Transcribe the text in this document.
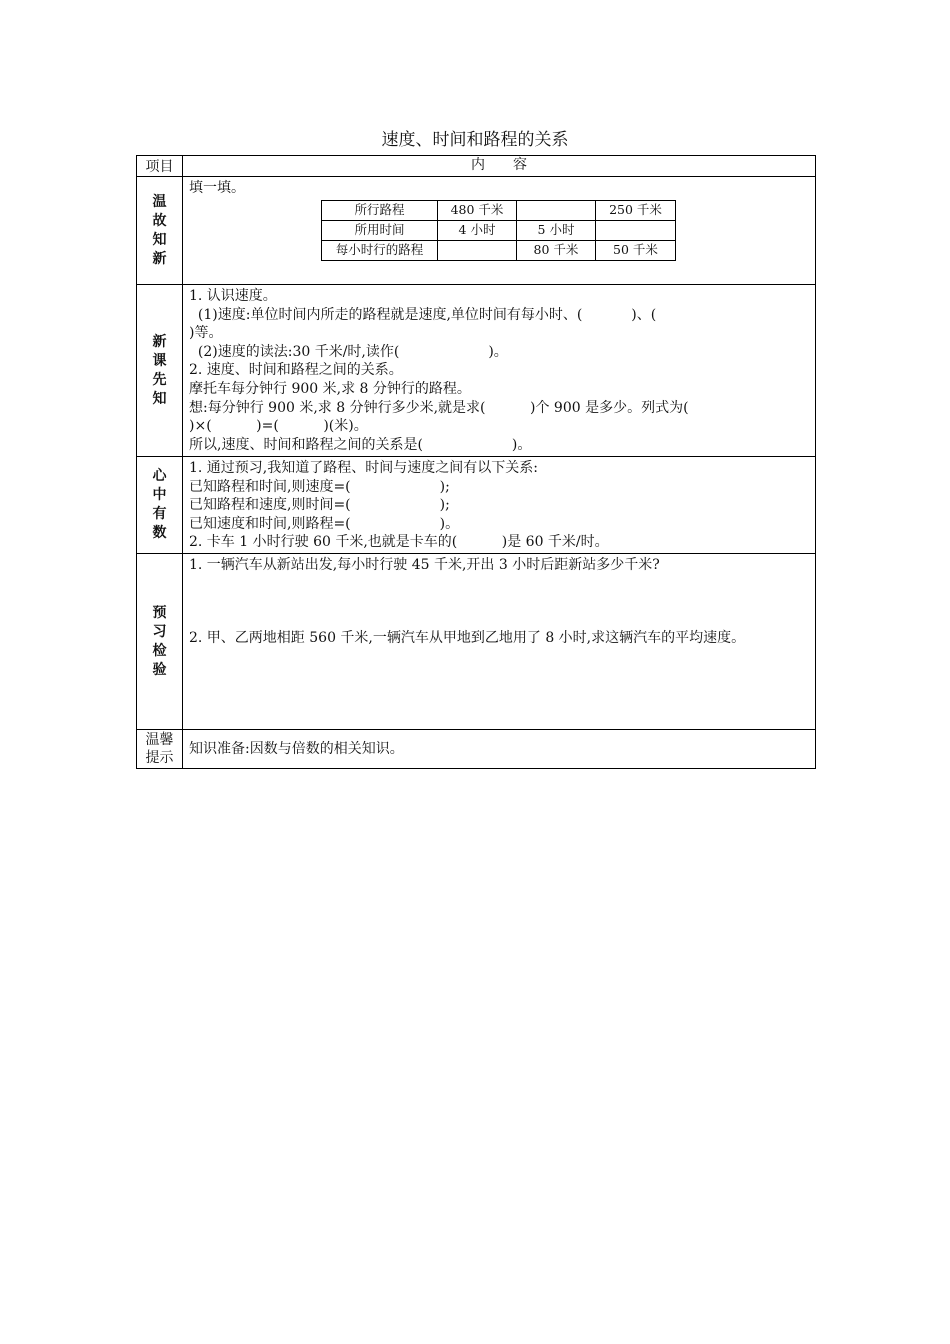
速度、时间和路程的关系
项目	内　　容
温故知新
填一填。
所行路程	480 千米		250 千米
所用时间	4 小时	5 小时	
每小时行的路程		80 千米	50 千米
新课先知
1. 认识速度。
(1)速度:单位时间内所走的路程就是速度,单位时间有每小时、(           )、(
)等。
(2)速度的读法:30 千米/时,读作(                    )。
2. 速度、时间和路程之间的关系。
摩托车每分钟行 900 米,求 8 分钟行的路程。
想:每分钟行 900 米,求 8 分钟行多少米,就是求(          )个 900 是多少。列式为(
)×(          )=(          )(米)。
所以,速度、时间和路程之间的关系是(                    )。
心中有数
1. 通过预习,我知道了路程、时间与速度之间有以下关系:
已知路程和时间,则速度=(                    );
已知路程和速度,则时间=(                    );
已知速度和时间,则路程=(                    )。
2. 卡车 1 小时行驶 60 千米,也就是卡车的(          )是 60 千米/时。
预习检验
1. 一辆汽车从新站出发,每小时行驶 45 千米,开出 3 小时后距新站多少千米?
2. 甲、乙两地相距 560 千米,一辆汽车从甲地到乙地用了 8 小时,求这辆汽车的平均速度。
温馨
提示
知识准备:因数与倍数的相关知识。
